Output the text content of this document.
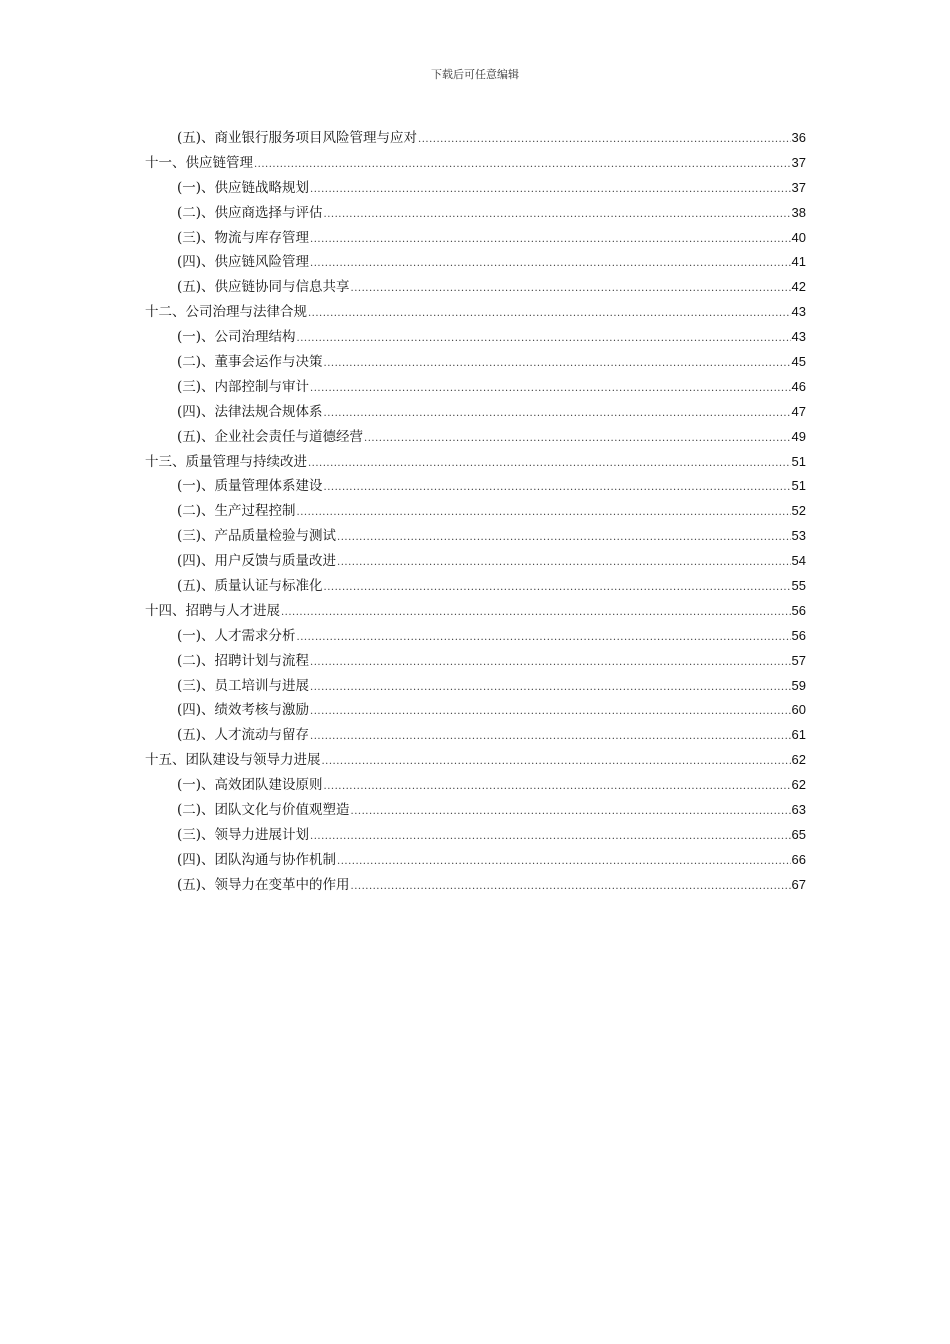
下载后可任意编辑
(五)、商业银行服务项目风险管理与应对 .....	36
十一、供应链管理 .....	37
(一)、供应链战略规划 .....	37
(二)、供应商选择与评估 .....	38
(三)、物流与库存管理 .....	40
(四)、供应链风险管理 .....	41
(五)、供应链协同与信息共享 .....	42
十二、公司治理与法律合规 .....	43
(一)、公司治理结构 .....	43
(二)、董事会运作与决策 .....	45
(三)、内部控制与审计 .....	46
(四)、法律法规合规体系 .....	47
(五)、企业社会责任与道德经营 .....	49
十三、质量管理与持续改进 .....	51
(一)、质量管理体系建设 .....	51
(二)、生产过程控制 .....	52
(三)、产品质量检验与测试 .....	53
(四)、用户反馈与质量改进 .....	54
(五)、质量认证与标准化 .....	55
十四、招聘与人才进展 .....	56
(一)、人才需求分析 .....	56
(二)、招聘计划与流程 .....	57
(三)、员工培训与进展 .....	59
(四)、绩效考核与激励 .....	60
(五)、人才流动与留存 .....	61
十五、团队建设与领导力进展 .....	62
(一)、高效团队建设原则 .....	62
(二)、团队文化与价值观塑造 .....	63
(三)、领导力进展计划 .....	65
(四)、团队沟通与协作机制 .....	66
(五)、领导力在变革中的作用 .....	67
